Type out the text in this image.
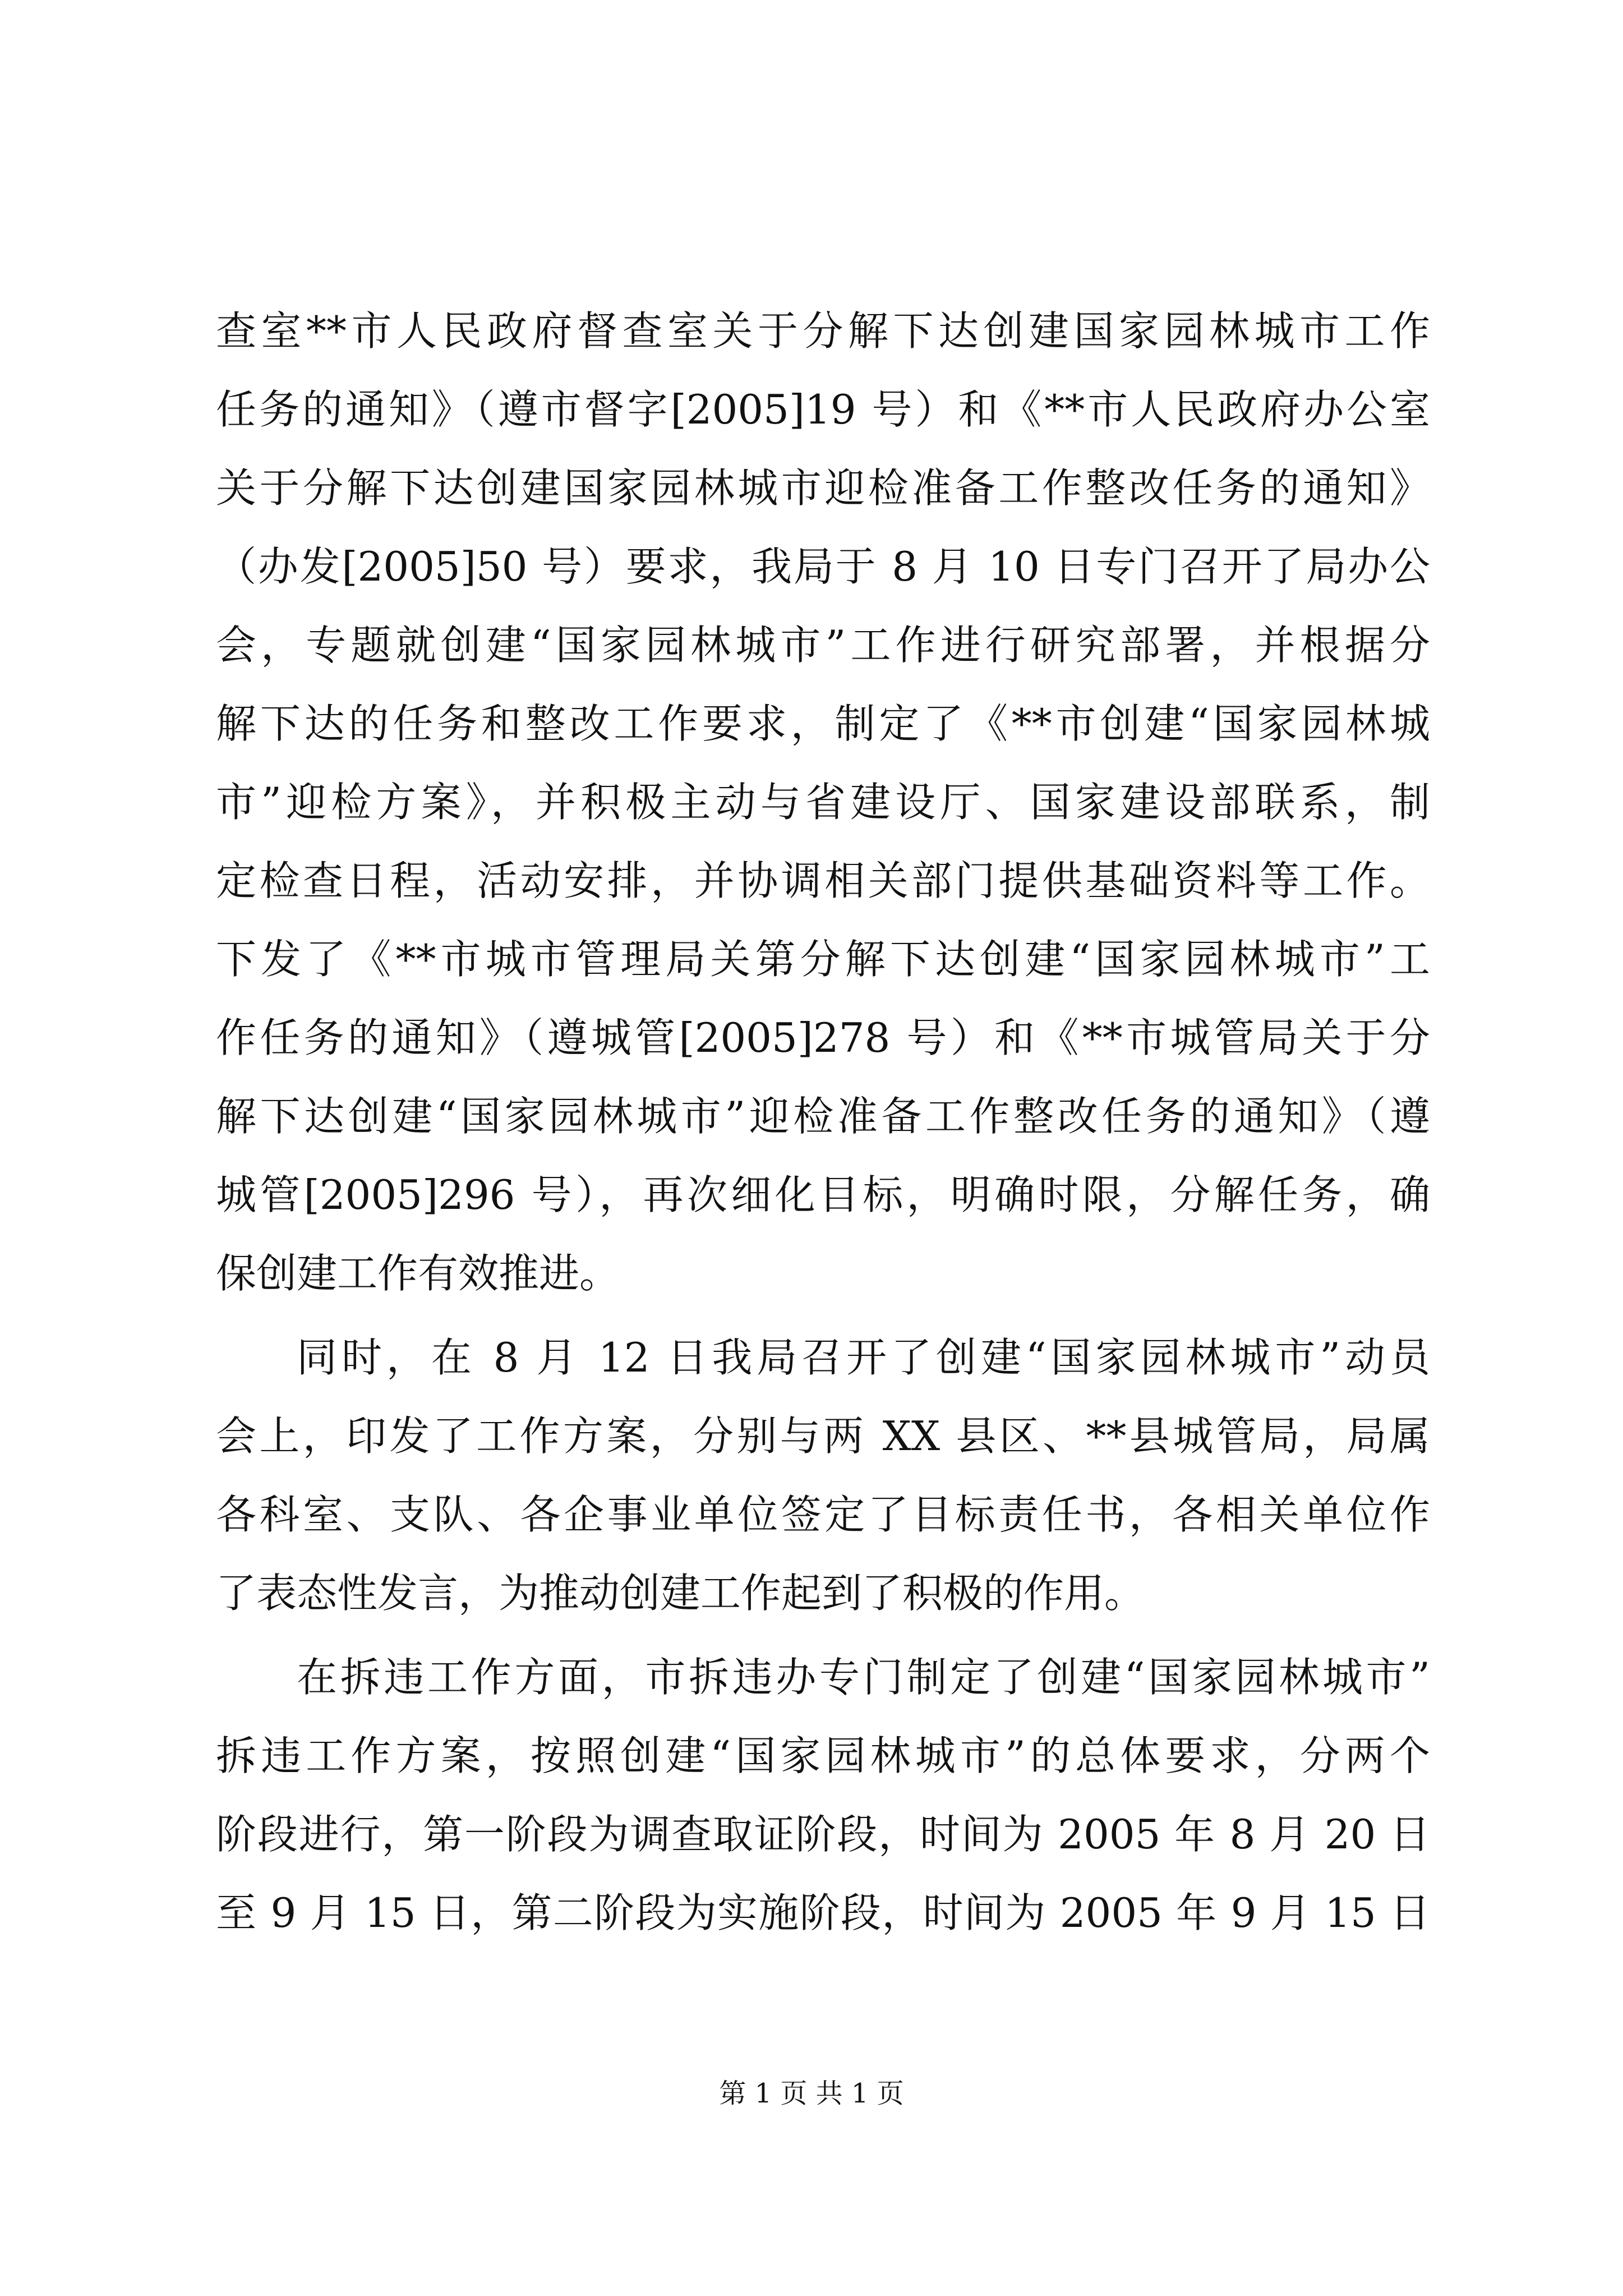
查室**市人民政府督查室关于分解下达创建国家园林城市工作
任务的通知》（遵市督字[2005]19 号）和《**市人民政府办公室
关于分解下达创建国家园林城市迎检准备工作整改任务的通知》
（办发[2005]50 号）要求，我局于 8 月 10 日专门召开了局办公
会，专题就创建“国家园林城市”工作进行研究部署，并根据分
解下达的任务和整改工作要求，制定了《**市创建“国家园林城
市”迎检方案》，并积极主动与省建设厅、国家建设部联系，制
定检查日程，活动安排，并协调相关部门提供基础资料等工作。
下发了《**市城市管理局关第分解下达创建“国家园林城市”工
作任务的通知》（遵城管[2005]278 号）和《**市城管局关于分
解下达创建“国家园林城市”迎检准备工作整改任务的通知》（遵
城管[2005]296 号），再次细化目标，明确时限，分解任务，确
保创建工作有效推进。
同时，在 8 月 12 日我局召开了创建“国家园林城市”动员
会上，印发了工作方案，分别与两 XX 县区、**县城管局，局属
各科室、支队、各企事业单位签定了目标责任书，各相关单位作
了表态性发言，为推动创建工作起到了积极的作用。
在拆违工作方面，市拆违办专门制定了创建“国家园林城市”
拆违工作方案，按照创建“国家园林城市”的总体要求，分两个
阶段进行，第一阶段为调查取证阶段，时间为 2005 年 8 月 20 日
至 9 月 15 日，第二阶段为实施阶段，时间为 2005 年 9 月 15 日
第 1 页 共 1 页
